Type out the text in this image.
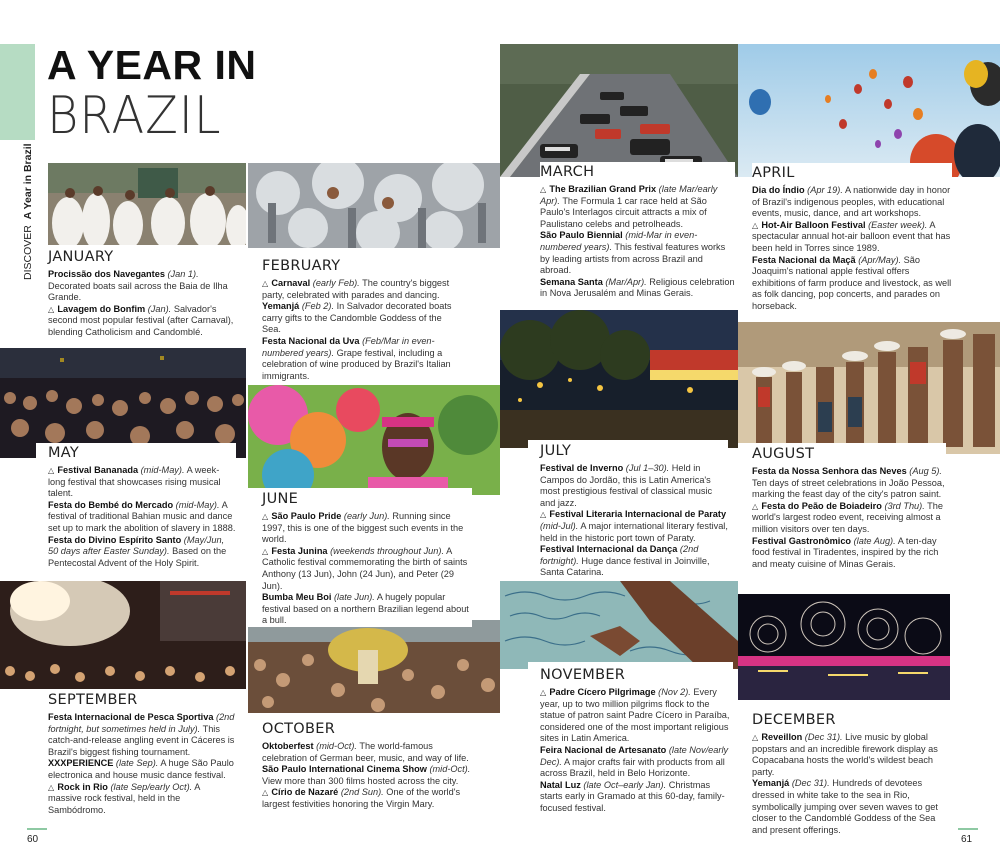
DISCOVER  A Year in Brazil
A YEAR IN
BRAZIL
JANUARY

Procissão dos Navegantes (Jan 1). Decorated boats sail across the Baia de Ilha Grande.

△ Lavagem do Bonfim (Jan). Salvador's second most popular festival (after Carnaval), blending Catholicism and Candomblé.

FEBRUARY

△ Carnaval (early Feb). The country's biggest party, celebrated with parades and dancing.

Yemanjá (Feb 2). In Salvador decorated boats carry gifts to the Candomble Goddess of the Sea.

Festa Nacional da Uva (Feb/Mar in even-numbered years). Grape festival, including a celebration of wine produced by Brazil's Italian immigrants.

MARCH

△ The Brazilian Grand Prix (late Mar/early Apr). The Formula 1 car race held at São Paulo's Interlagos circuit attracts a mix of Paulistano celebs and petrolheads.

São Paulo Biennial (mid-Mar in even-numbered years). This festival features works by leading artists from across Brazil and abroad.

Semana Santa (Mar/Apr). Religious celebration in Nova Jerusalém and Minas Gerais.

APRIL

Dia do Índio (Apr 19). A nationwide day in honor of Brazil's indigenous peoples, with educational events, music, dance, and art workshops.

△ Hot-Air Balloon Festival (Easter week). A spectacular annual hot-air balloon event that has been held in Torres since 1989.

Festa Nacional da Maçã (Apr/May). São Joaquim's national apple festival offers exhibitions of farm produce and livestock, as well as folk dancing, pop concerts, and parades on horseback.

MAY

△ Festival Bananada (mid-May). A week-long festival that showcases rising musical talent.

Festa do Bembé do Mercado (mid-May). A festival of traditional Bahian music and dance set up to mark the abolition of slavery in 1888.

Festa do Divino Espírito Santo (May/Jun, 50 days after Easter Sunday). Based on the Pentecostal Advent of the Holy Spirit.

JUNE

△ São Paulo Pride (early Jun). Running since 1997, this is one of the biggest such events in the world.

△ Festa Junina (weekends throughout Jun). A Catholic festival commemorating the birth of saints Anthony (13 Jun), John (24 Jun), and Peter (29 Jun).

Bumba Meu Boi (late Jun). A hugely popular festival based on a northern Brazilian legend about a bull.

JULY

Festival de Inverno (Jul 1–30). Held in Campos do Jordão, this is Latin America's most prestigious festival of classical music and jazz.

△ Festival Literaria Internacional de Paraty (mid-Jul). A major international literary festival, held in the historic port town of Paraty.

Festival Internacional da Dança (2nd fortnight). Huge dance festival in Joinville, Santa Catarina.

AUGUST

Festa da Nossa Senhora das Neves (Aug 5). Ten days of street celebrations in João Pessoa, marking the feast day of the city's patron saint.

△ Festa do Peão de Boiadeiro (3rd Thu). The world's largest rodeo event, receiving almost a million visitors over ten days.

Festival Gastronômico (late Aug). A ten-day food festival in Tiradentes, inspired by the rich and meaty cuisine of Minas Gerais.

SEPTEMBER

Festa Internacional de Pesca Sportiva (2nd fortnight, but sometimes held in July). This catch-and-release angling event in Cáceres is Brazil's biggest fishing tournament.

XXXPERIENCE (late Sep). A huge São Paulo electronica and house music dance festival.

△ Rock in Rio (late Sep/early Oct). A massive rock festival, held in the Sambódromo.

OCTOBER

Oktoberfest (mid-Oct). The world-famous celebration of German beer, music, and way of life.

São Paulo International Cinema Show (mid-Oct). View more than 300 films hosted across the city.

△ Círio de Nazaré (2nd Sun). One of the world's largest festivities honoring the Virgin Mary.

NOVEMBER

△ Padre Cícero Pilgrimage (Nov 2). Every year, up to two million pilgrims flock to the statue of patron saint Padre Cícero in Paraíba, considered one of the most important religious sites in Latin America.

Feira Nacional de Artesanato (late Nov/early Dec). A major crafts fair with products from all across Brazil, held in Belo Horizonte.

Natal Luz (late Oct–early Jan). Christmas starts early in Gramado at this 60-day, family-focused festival.

DECEMBER

△ Reveillon (Dec 31). Live music by global popstars and an incredible firework display as Copacabana hosts the world's wildest beach party.

Yemanjá (Dec 31). Hundreds of devotees dressed in white take to the sea in Rio, symbolically jumping over seven waves to get closer to the Candomblé Goddess of the Sea and present offerings.

60	61
